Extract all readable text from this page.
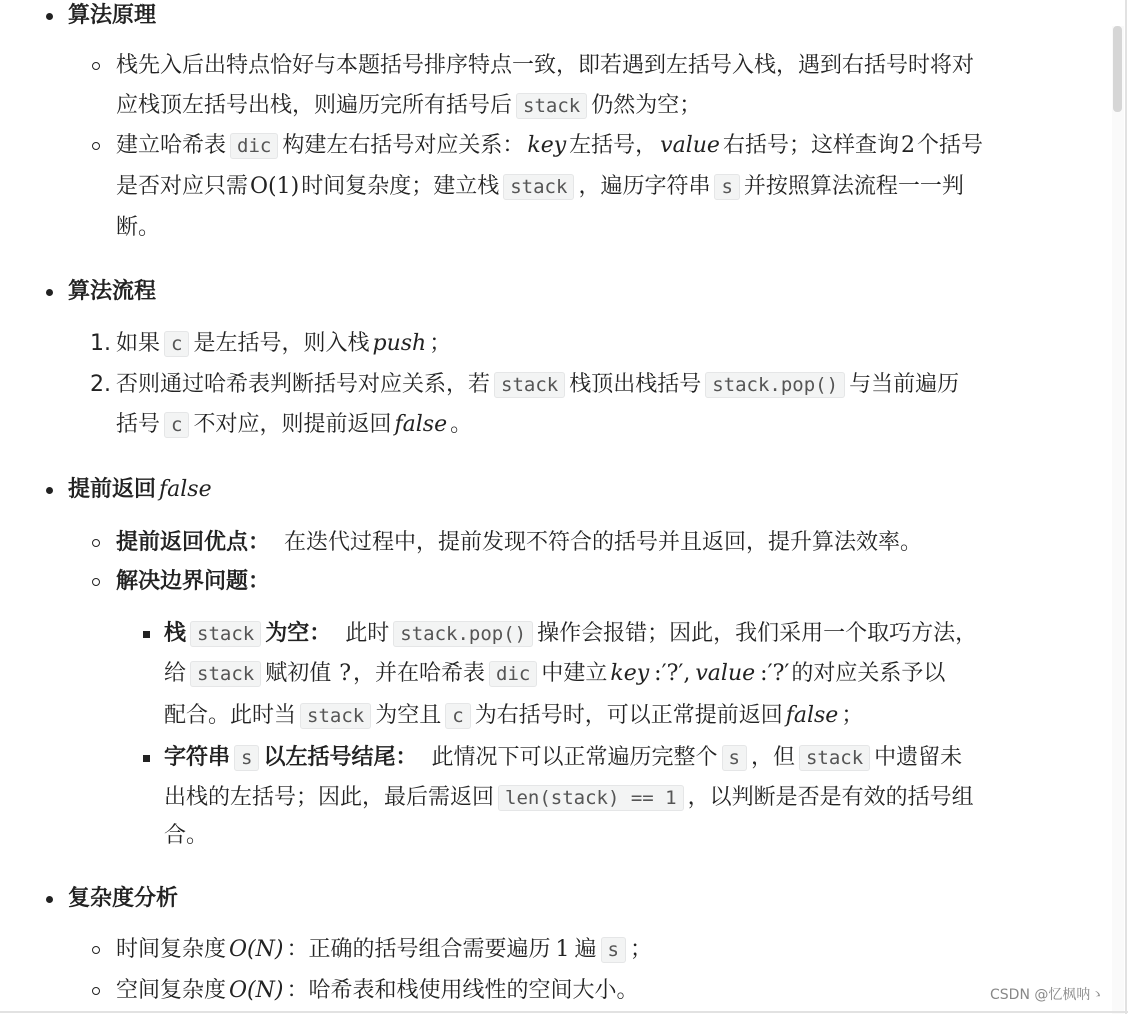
算法原理
栈先入后出特点恰好与本题括号排序特点一致，即若遇到左括号入栈，遇到右括号时将对
应栈顶左括号出栈，则遍历完所有括号后 stack 仍然为空；
建立哈希表 dic 构建左右括号对应关系： key 左括号， value 右括号；这样查询2个括号
是否对应只需O(1)时间复杂度；建立栈 stack ，遍历字符串 s 并按照算法流程一一判
断。
算法流程
1. 如果 c 是左括号，则入栈 push ；
2. 否则通过哈希表判断括号对应关系，若 stack 栈顶出栈括号 stack.pop() 与当前遍历
括号 c 不对应，则提前返回 false 。
提前返回 false
提前返回优点： 在迭代过程中，提前发现不符合的括号并且返回，提升算法效率。
解决边界问题：
栈 stack 为空： 此时 stack.pop() 操作会报错；因此，我们采用一个取巧方法，
给 stack 赋初值 ?，并在哈希表 dic 中建立 key :′?′, value :′?′的对应关系予以
配合。此时当 stack 为空且 c 为右括号时，可以正常提前返回 false ；
字符串 s 以左括号结尾： 此情况下可以正常遍历完整个 s ，但 stack 中遗留未
出栈的左括号；因此，最后需返回 len(stack) == 1 ，以判断是否是有效的括号组
合。
复杂度分析
时间复杂度 O(N) ：正确的括号组合需要遍历 1 遍 s ；
空间复杂度 O(N) ：哈希表和栈使用线性的空间大小。	CSDN @忆枫呐ゝ
